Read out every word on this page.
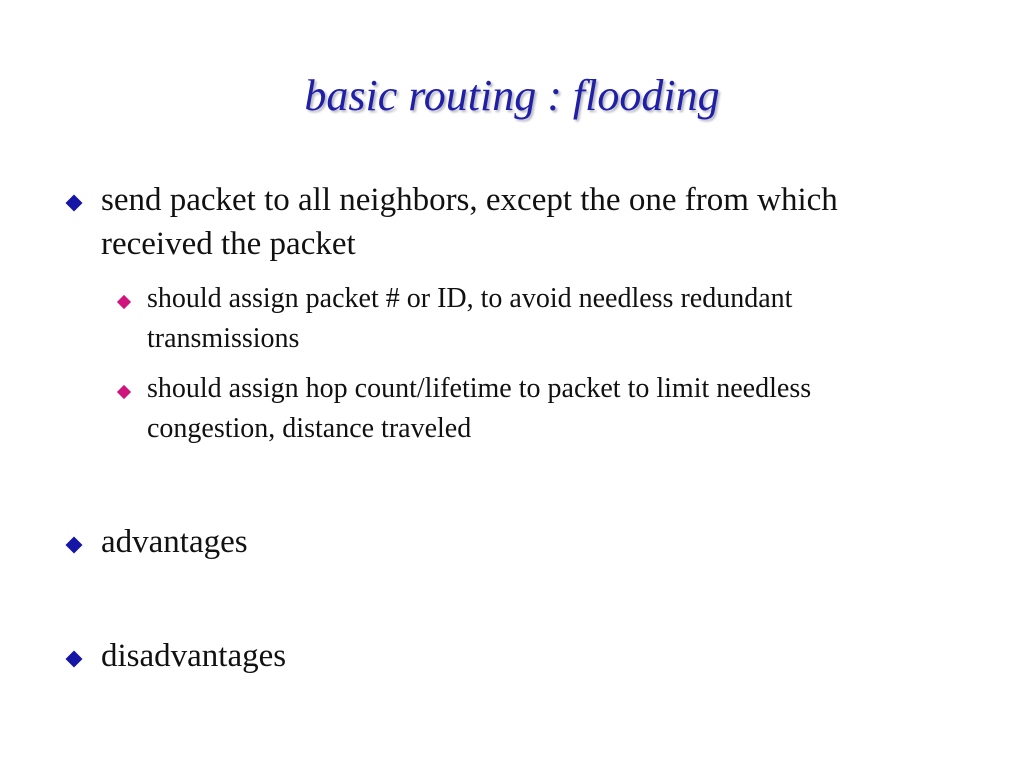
basic routing : flooding
send packet to all neighbors, except the one from which received the packet
should assign packet # or ID, to avoid needless redundant transmissions
should assign hop count/lifetime to packet to limit needless congestion, distance traveled
advantages
disadvantages
